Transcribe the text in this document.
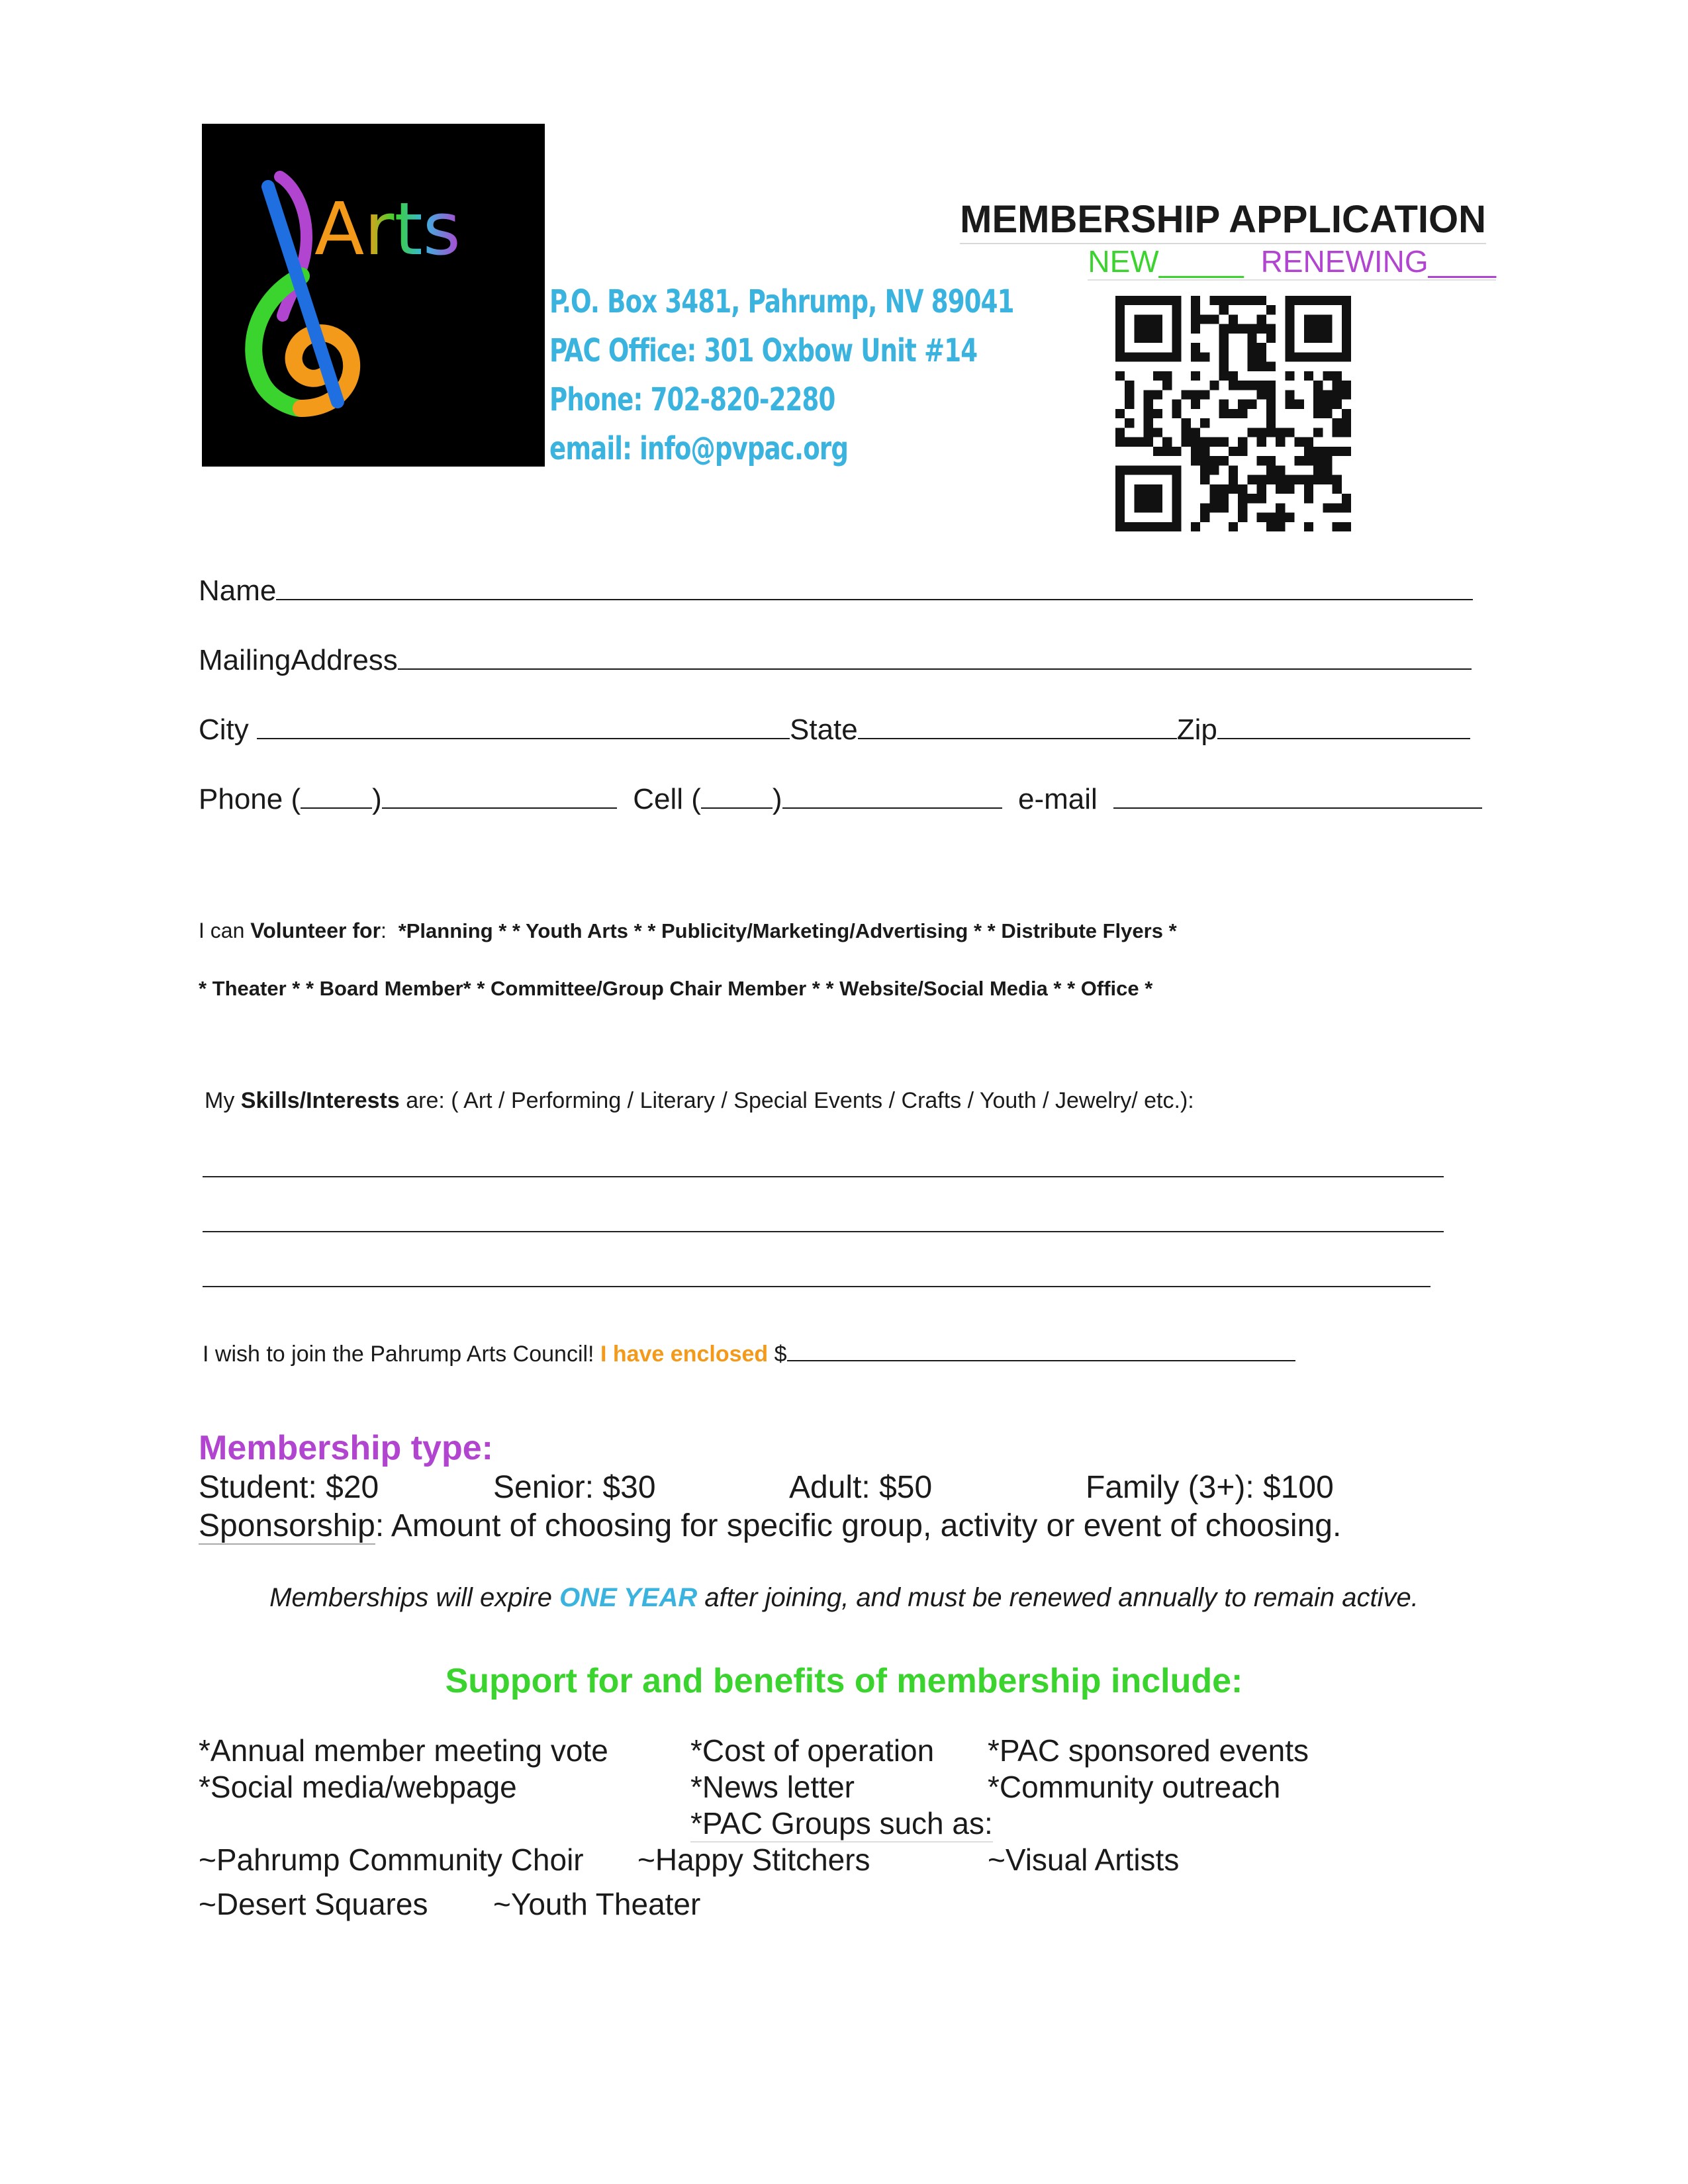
Arts
P.O. Box 3481, Pahrump, NV 89041
PAC Office: 301 Oxbow Unit #14
Phone: 702-820-2280
email: info@pvpac.org
MEMBERSHIP APPLICATION
NEW_____ RENEWING____
Name
MailingAddress
City	State	Zip
Phone ( )	Cell ( )	e-mail
I can Volunteer for:  *Planning * * Youth Arts * * Publicity/Marketing/Advertising * * Distribute Flyers *
* Theater * * Board Member* * Committee/Group Chair Member * * Website/Social Media * * Office *
My Skills/Interests are: ( Art / Performing / Literary / Special Events / Crafts / Youth / Jewelry/ etc.):
I wish to join the Pahrump Arts Council! I have enclosed $
Membership type:
Student: $20	Senior: $30	Adult: $50	Family (3+): $100
Sponsorship: Amount of choosing for specific group, activity or event of choosing.
Memberships will expire ONE YEAR after joining, and must be renewed annually to remain active.
Support for and benefits of membership include:
*Annual member meeting vote	*Cost of operation *PAC sponsored events
*Social media/webpage	*News letter	*Community outreach
*PAC Groups such as:
~Pahrump Community Choir ~Happy Stitchers	~Visual Artists
~Desert Squares ~Youth Theater
